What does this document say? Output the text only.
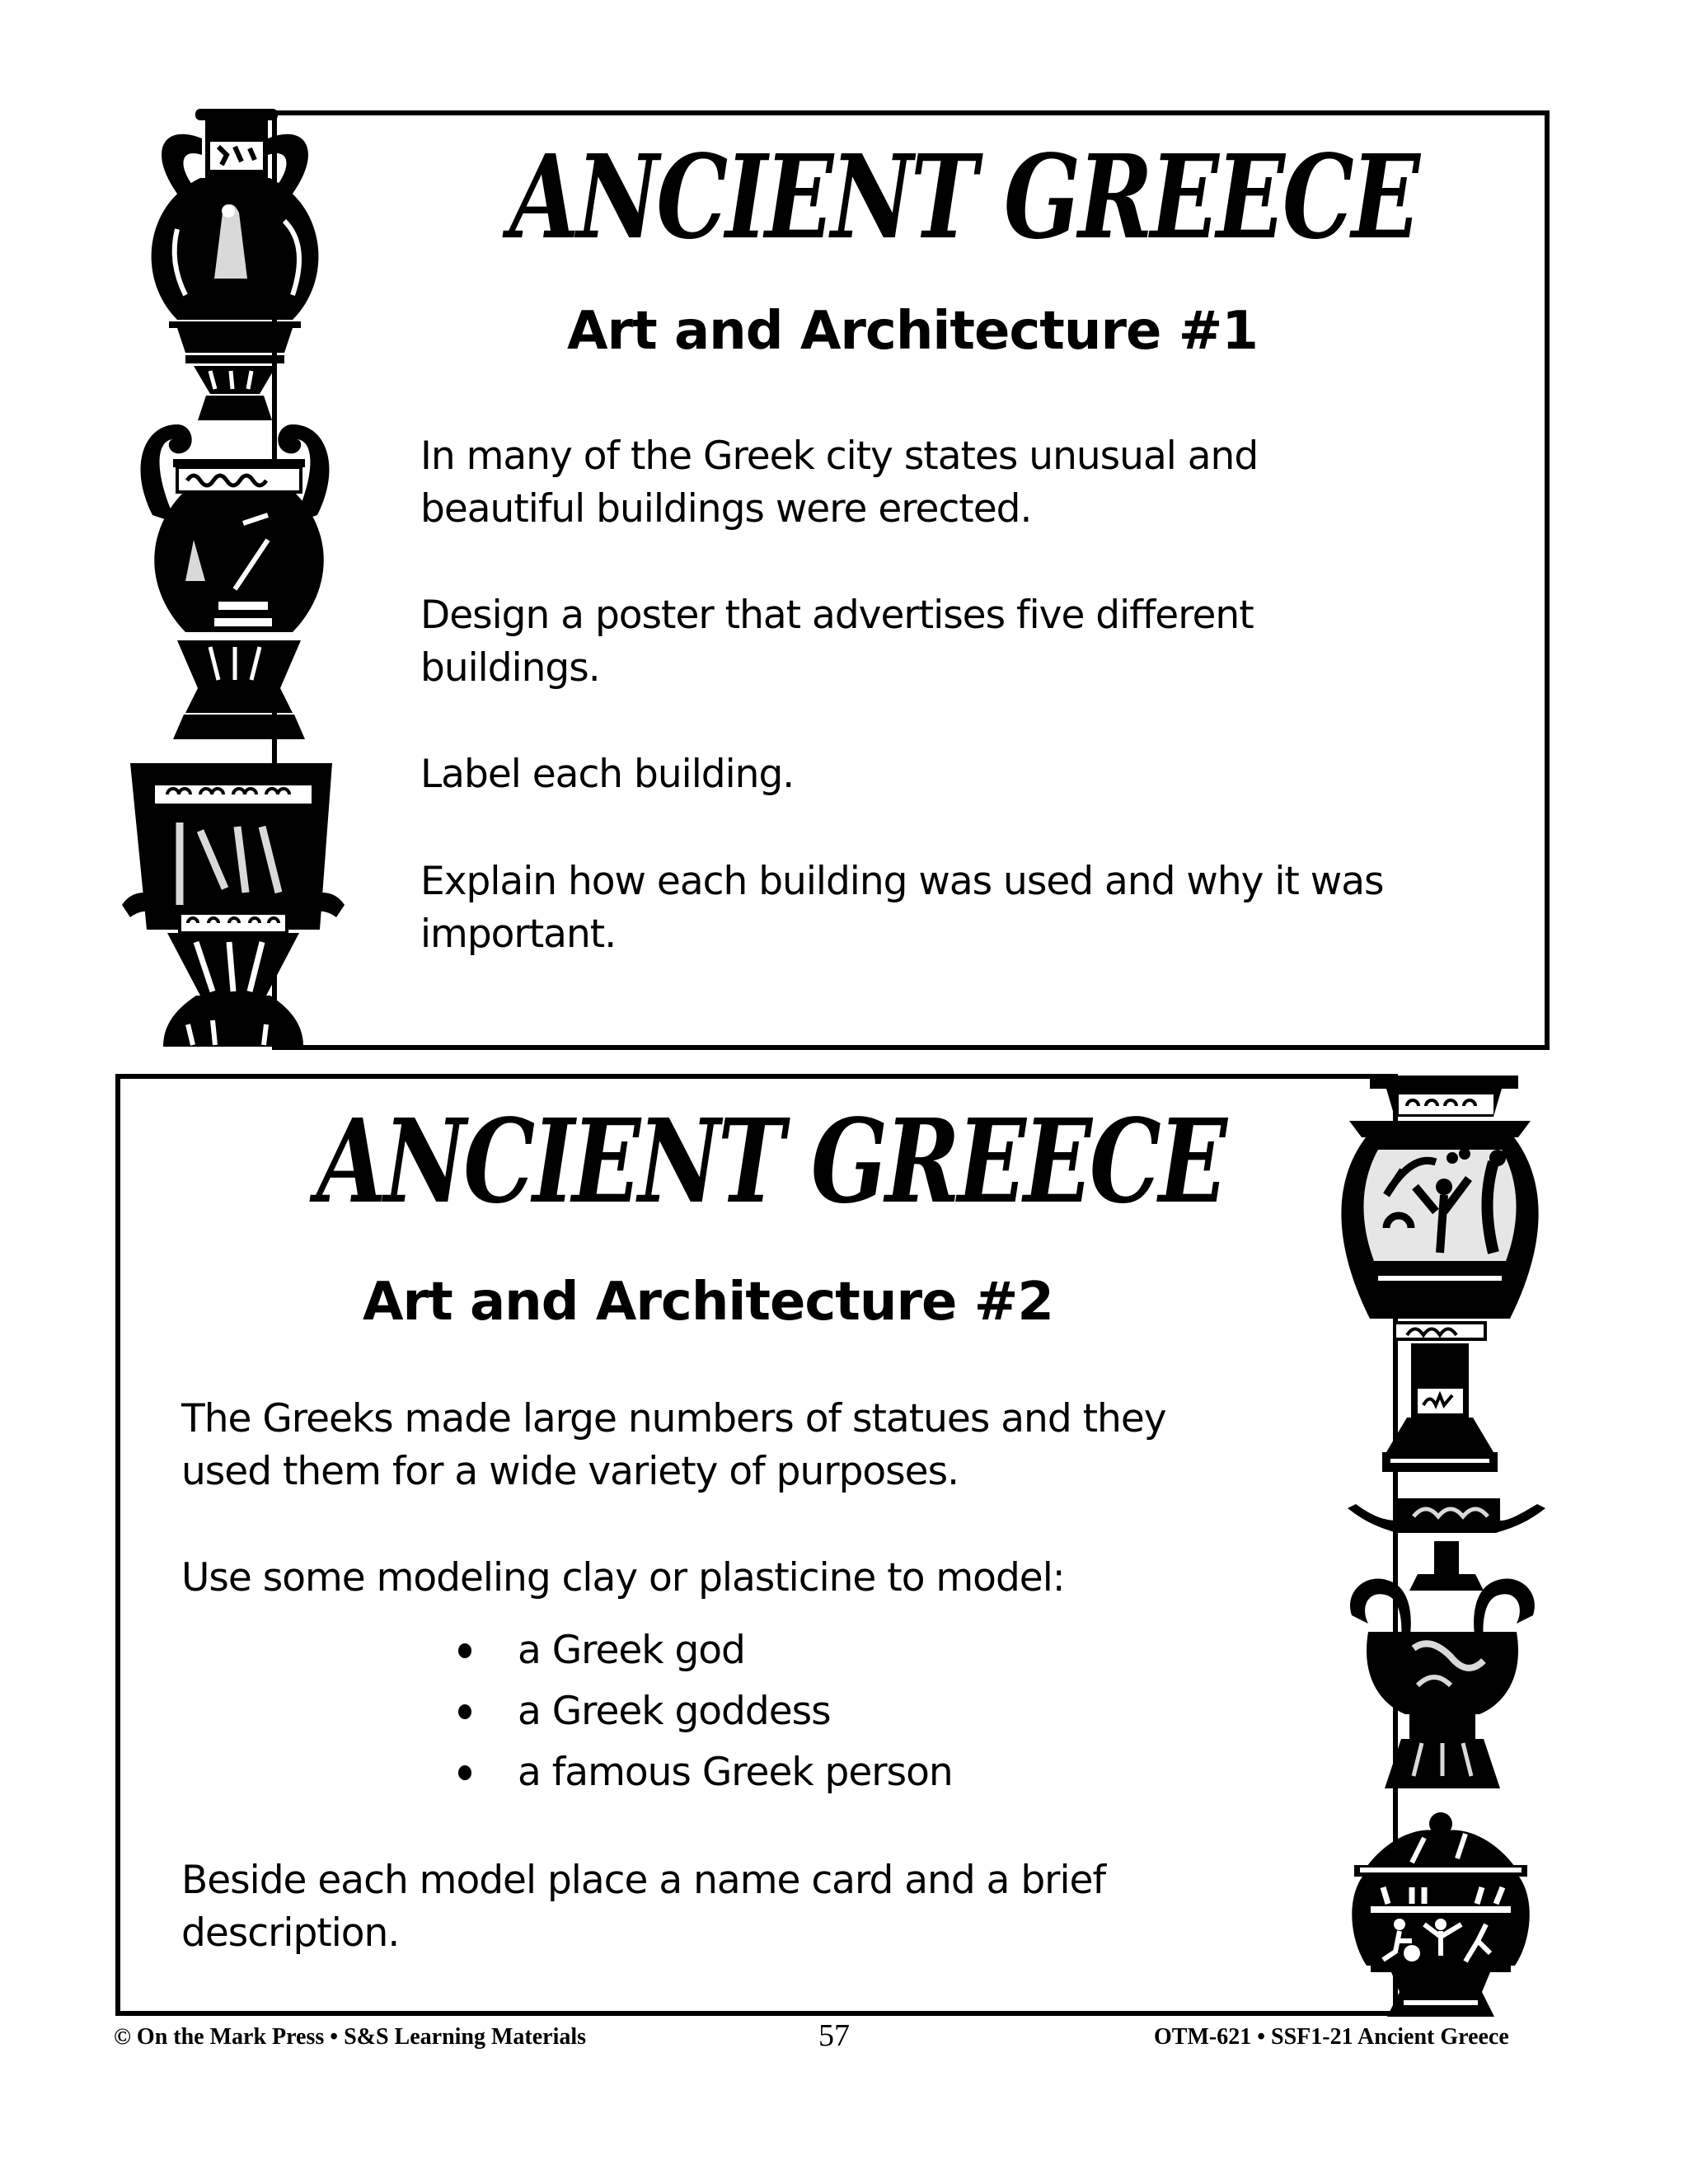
ANCIENT GREECE
Art and Architecture #1

In many of the Greek city states unusual and beautiful buildings were erected.

Design a poster that advertises five different buildings.

Label each building.

Explain how each building was used and why it was important.

ANCIENT GREECE
Art and Architecture #2

The Greeks made large numbers of statues and they used them for a wide variety of purposes.

Use some modeling clay or plasticine to model:

a Greek god
a Greek goddess
a famous Greek person

Beside each model place a name card and a brief description.

© On the Mark Press • S&S Learning Materials	57	OTM-621 • SSF1-21 Ancient Greece
